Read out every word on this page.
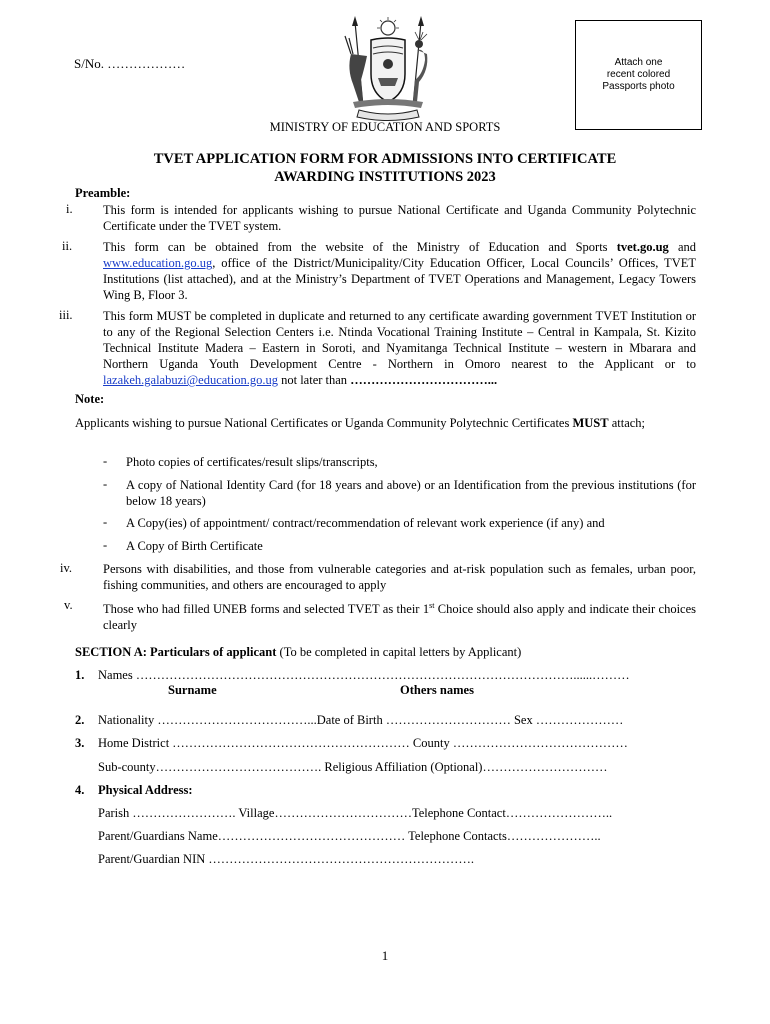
S/No. ………………	Attach one
recent colored
Passports photo
MINISTRY OF EDUCATION AND SPORTS
TVET APPLICATION FORM FOR ADMISSIONS INTO CERTIFICATE
AWARDING INSTITUTIONS 2023
Preamble:
i.	This form is intended for applicants wishing to pursue National Certificate and Uganda Community Polytechnic Certificate under the TVET system.
ii.	This form can be obtained from the website of the Ministry of Education and Sports tvet.go.ug and www.education.go.ug, office of the District/Municipality/City Education Officer, Local Councils’ Offices, TVET Institutions (list attached), and at the Ministry’s Department of TVET Operations and Management, Legacy Towers Wing B, Floor 3.
iii.	This form MUST be completed in duplicate and returned to any certificate awarding government TVET Institution or to any of the Regional Selection Centers i.e. Ntinda Vocational Training Institute – Central in Kampala, St. Kizito Technical Institute Madera – Eastern in Soroti, and Nyamitanga Technical Institute – western in Mbarara and Northern Uganda Youth Development Centre - Northern in Omoro nearest to the Applicant or to lazakeh.galabuzi@education.go.ug not later than ……………………………...
Note:
Applicants wishing to pursue National Certificates or Uganda Community Polytechnic Certificates MUST attach;
- Photo copies of certificates/result slips/transcripts,
- A copy of National Identity Card (for 18 years and above) or an Identification from the previous institutions (for below 18 years)
- A Copy(ies) of appointment/ contract/recommendation of relevant work experience (if any) and
- A Copy of Birth Certificate
iv.	Persons with disabilities, and those from vulnerable categories and at-risk population such as females, urban poor, fishing communities, and others are encouraged to apply
v.	Those who had filled UNEB forms and selected TVET as their 1st Choice should also apply and indicate their choices clearly
SECTION A: Particulars of applicant (To be completed in capital letters by Applicant)
1. Names ……………………………………………………………………………………………......………
Surname	Others names
2. Nationality ………………………………...Date of Birth ………………………… Sex …………………
3. Home District ………………………………………………… County ……………………………………
Sub-county…………………………………. Religious Affiliation (Optional)…………………………
4. Physical Address:
Parish ……………………. Village……………………………Telephone Contact……………………..
Parent/Guardians Name……………………………………… Telephone Contacts…………………..
Parent/Guardian NIN ……………………………………………………….
1
